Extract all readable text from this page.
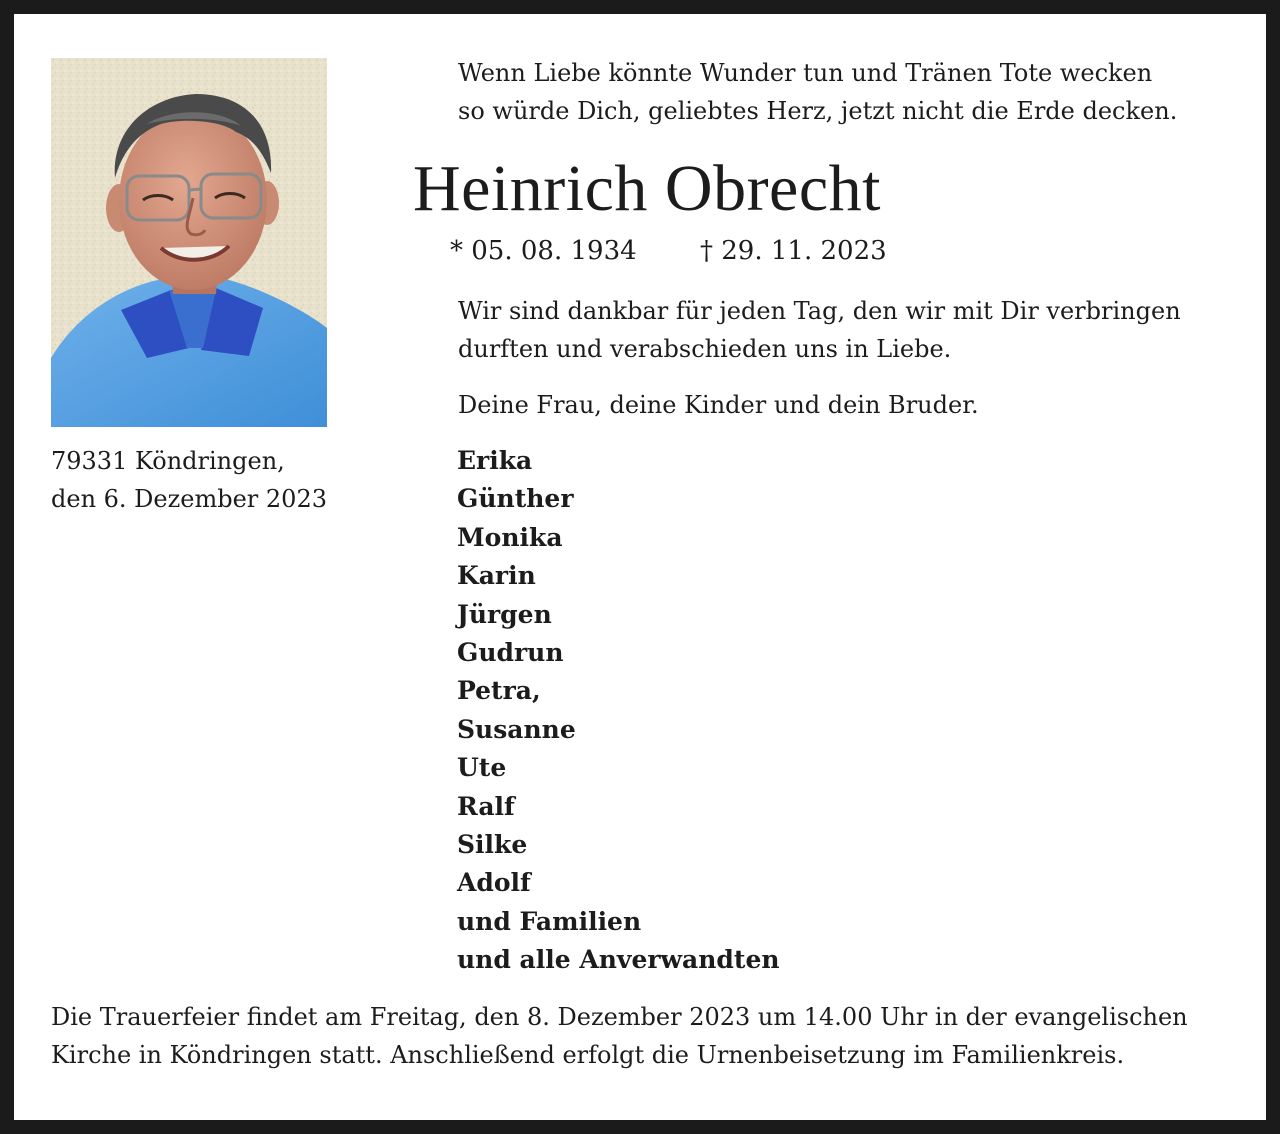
Wenn Liebe könnte Wunder tun und Tränen Tote wecken
so würde Dich, geliebtes Herz, jetzt nicht die Erde decken.
Heinrich Obrecht
* 05. 08. 1934 † 29. 11. 2023
Wir sind dankbar für jeden Tag, den wir mit Dir verbringen
durften und verabschieden uns in Liebe.
Deine Frau, deine Kinder und dein Bruder.
79331 Köndringen,
den 6. Dezember 2023
Erika
Günther
Monika
Karin
Jürgen
Gudrun
Petra,
Susanne
Ute
Ralf
Silke
Adolf
und Familien
und alle Anverwandten
Die Trauerfeier findet am Freitag, den 8. Dezember 2023 um 14.00 Uhr in der evangelischen
Kirche in Köndringen statt. Anschließend erfolgt die Urnenbeisetzung im Familienkreis.
